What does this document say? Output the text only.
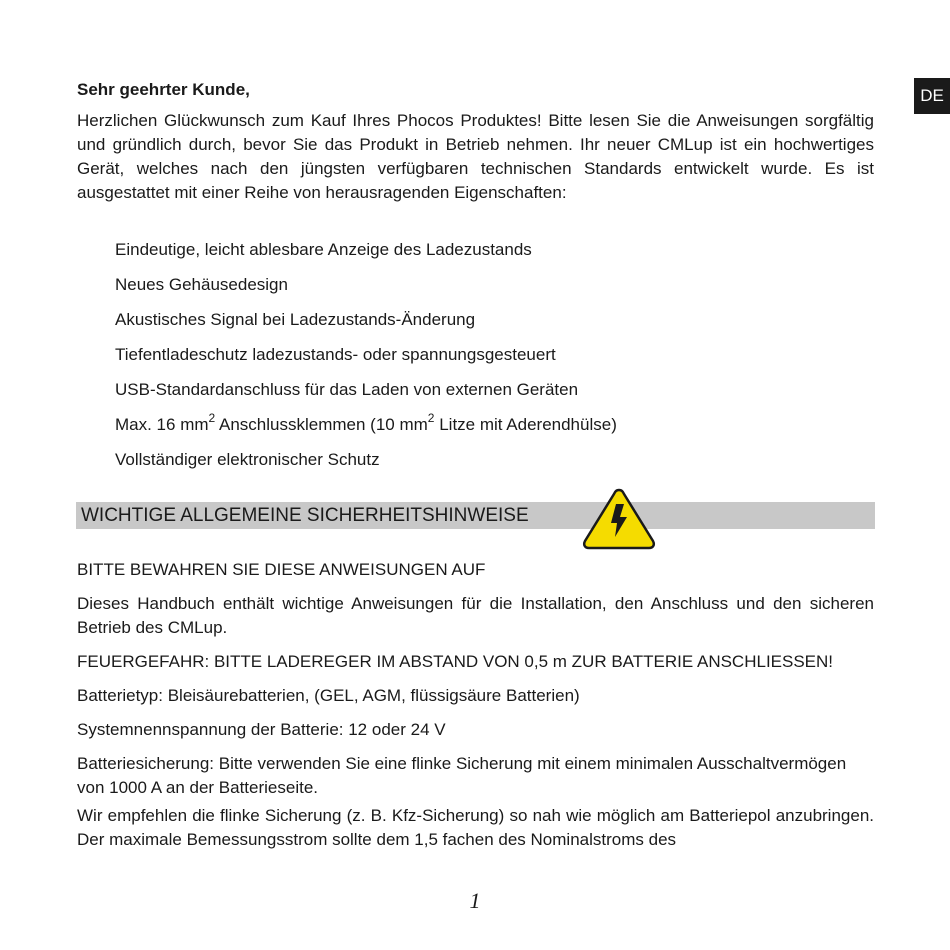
DE

Sehr geehrter Kunde,

Herzlichen Glückwunsch zum Kauf Ihres Phocos Produktes! Bitte lesen Sie die Anweisungen sorgfältig und gründlich durch, bevor Sie das Produkt in Betrieb nehmen. Ihr neuer CMLup ist ein hochwertiges Gerät, welches nach den jüngsten verfügbaren technischen Standards entwickelt wurde. Es ist ausgestattet mit einer Reihe von herausragenden Eigenschaften:

Eindeutige, leicht ablesbare Anzeige des Ladezustands
Neues Gehäusedesign
Akustisches Signal bei Ladezustands-Änderung
Tiefentladeschutz ladezustands- oder spannungsgesteuert
USB-Standardanschluss für das Laden von externen Geräten
Max. 16 $mm^2$ Anschlussklemmen (10 $mm^2$ Litze mit Aderendhülse)
Vollständiger elektronischer Schutz
WICHTIGE ALLGEMEINE SICHERHEITSHINWEISE

BITTE BEWAHREN SIE DIESE ANWEISUNGEN AUF

Dieses Handbuch enthält wichtige Anweisungen für die Installation, den Anschluss und den sicheren Betrieb des CMLup.

FEUERGEFAHR: BITTE LADEREGER IM ABSTAND VON 0,5 m ZUR BATTERIE ANSCHLIESSEN!

Batterietyp: Bleisäurebatterien, (GEL, AGM, flüssigsäure Batterien)

Systemnennspannung der Batterie: 12 oder 24 V

Batteriesicherung: Bitte verwenden Sie eine flinke Sicherung mit einem minimalen Ausschaltvermögen von 1000 A an der Batterieseite.

Wir empfehlen die flinke Sicherung (z. B. Kfz-Sicherung) so nah wie möglich am Batteriepol anzubringen. Der maximale Bemessungsstrom sollte dem 1,5 fachen des Nominalstroms des

1
